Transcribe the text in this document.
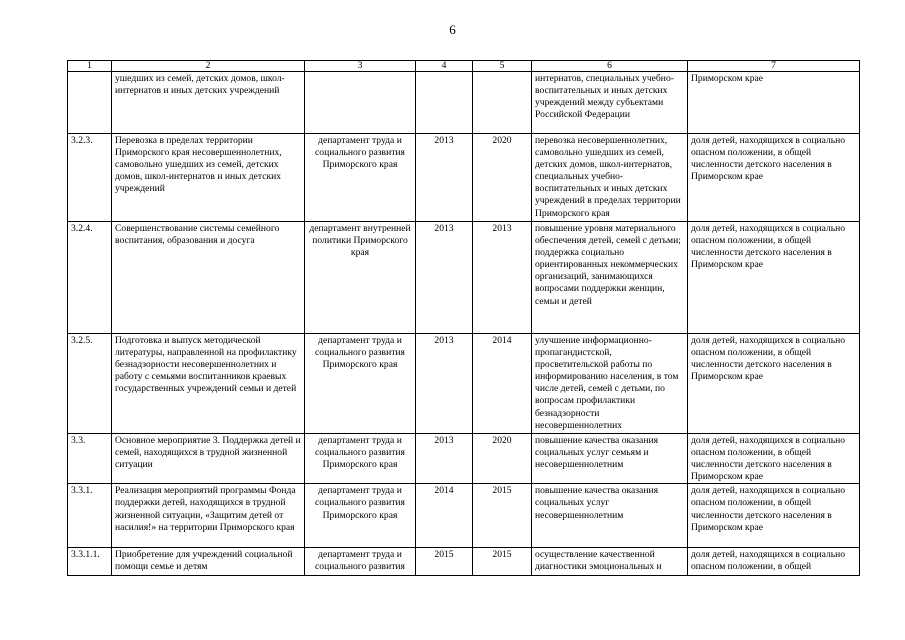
6
1	2	3	4	5	6	7
	ушедших из семей, детских домов, школ-интернатов и иных детских учреждений				интернатов, специальных учебно-воспитательных и иных детских учреждений между субъектами Российской Федерации	Приморском крае
3.2.3.	Перевозка в пределах территории Приморского края несовершеннолетних, самовольно ушедших из семей, детских домов, школ-интернатов и иных детских учреждений	департамент труда и социального развития Приморского края	2013	2020	перевозка несовершеннолетних, самовольно ушедших из семей, детских домов, школ-интернатов, специальных учебно-воспитательных и иных детских учреждений в пределах территории Приморского края	доля детей, находящихся в социально опасном положении, в общей численности детского населения в Приморском крае
3.2.4.	Совершенствование системы семейного воспитания, образования и досуга	департамент внутренней политики Приморского края	2013	2013	повышение уровня материального обеспечения детей, семей с детьми; поддержка социально ориентированных некоммерческих организаций, занимающихся вопросами поддержки женщин, семьи и детей	доля детей, находящихся в социально опасном положении, в общей численности детского населения в Приморском крае
3.2.5.	Подготовка и выпуск методической литературы, направленной на профилактику безнадзорности несовершеннолетних и работу с семьями воспитанников краевых государственных учреждений семьи и детей	департамент труда и социального развития Приморского края	2013	2014	улучшение информационно-пропагандистской, просветительской работы по информированию населения, в том числе детей, семей с детьми, по вопросам профилактики безнадзорности несовершеннолетних	доля детей, находящихся в социально опасном положении, в общей численности детского населения в Приморском крае
3.3.	Основное мероприятие 3. Поддержка детей и семей, находящихся в трудной жизненной ситуации	департамент труда и социального развития Приморского края	2013	2020	повышение качества оказания социальных услуг семьям и несовершеннолетним	доля детей, находящихся в социально опасном положении, в общей численности детского населения в Приморском крае
3.3.1.	Реализация мероприятий программы Фонда поддержки детей, находящихся в трудной жизненной ситуации, «Защитим детей от насилия!» на территории Приморского края	департамент труда и социального развития Приморского края	2014	2015	повышение качества оказания социальных услуг несовершеннолетним	доля детей, находящихся в социально опасном положении, в общей численности детского населения в Приморском крае
3.3.1.1.	Приобретение для учреждений социальной помощи семье и детям	департамент труда и социального развития	2015	2015	осуществление качественной диагностики эмоциональных и	доля детей, находящихся в социально опасном положении, в общей
